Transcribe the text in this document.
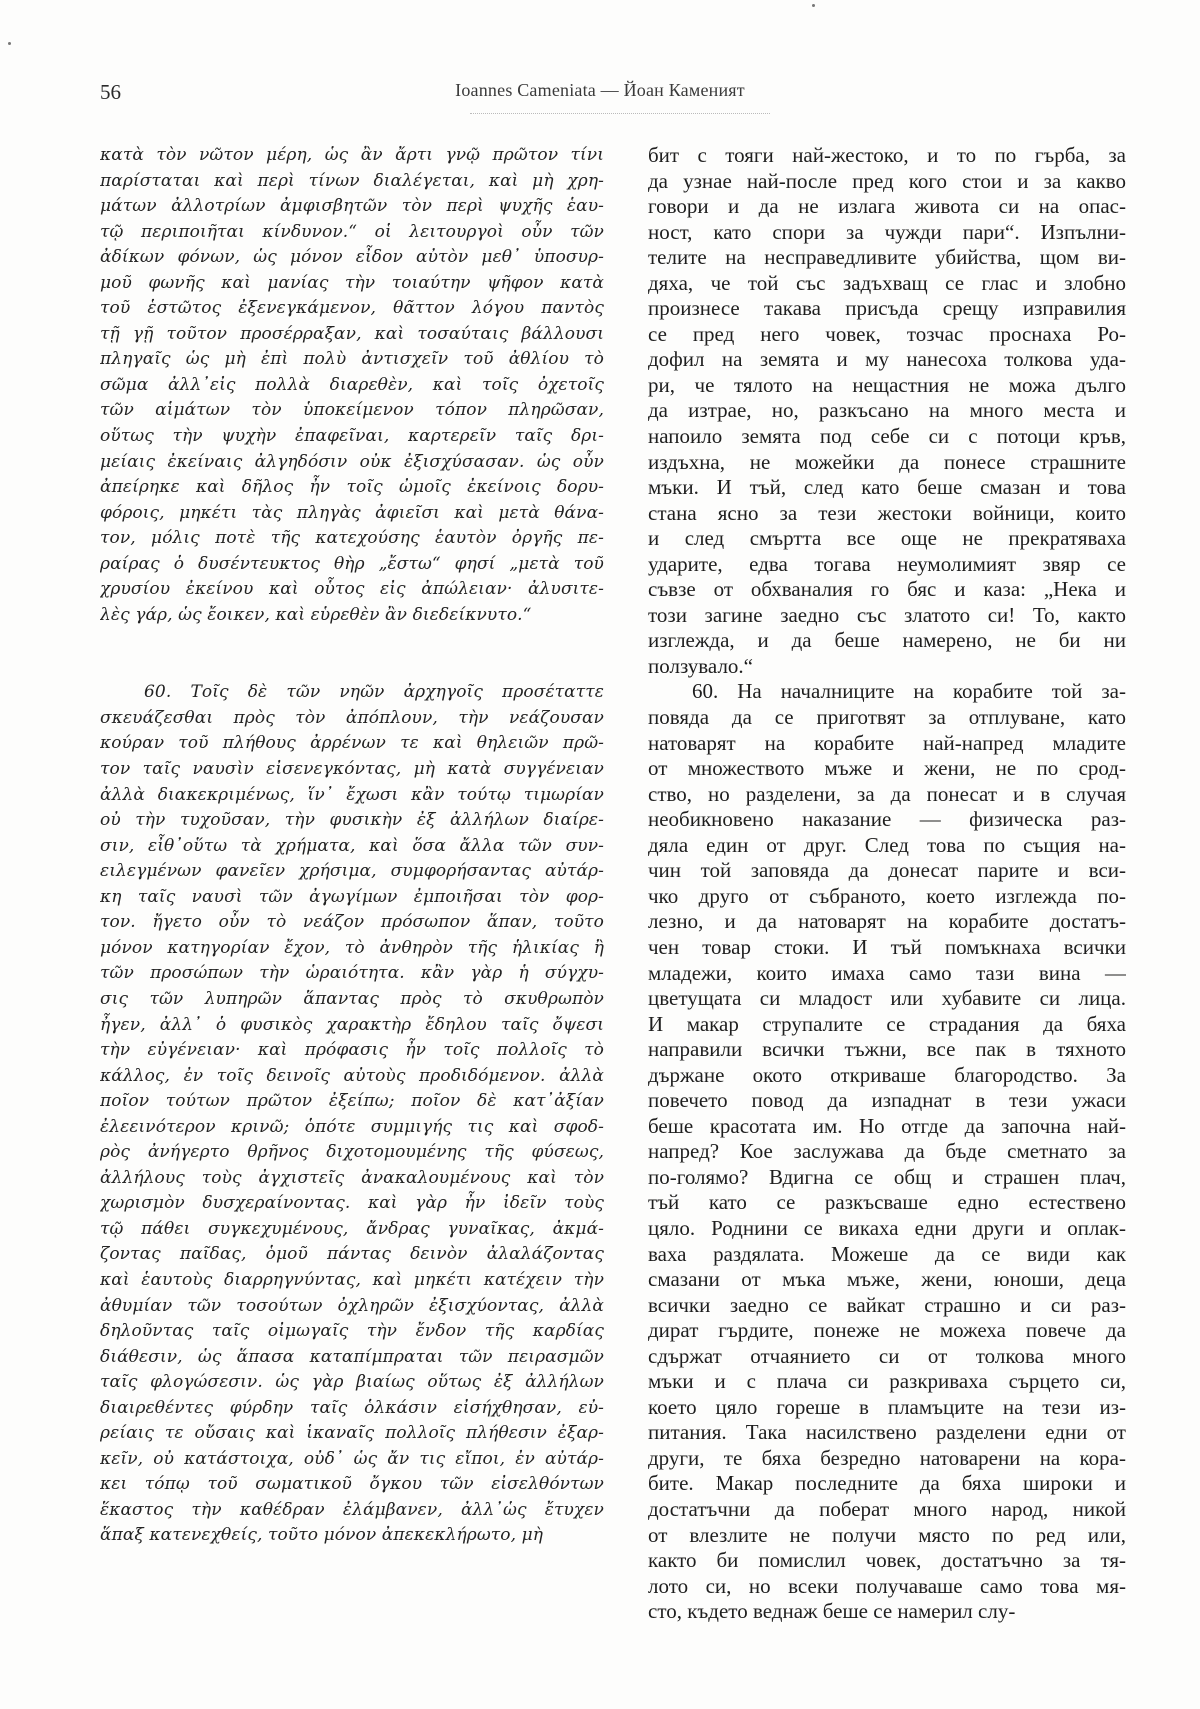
56	Ioannes Cameniata — Йоан Каменият
κατὰ τὸν νῶτον μέρη, ὡς ἂν ἄρτι γνῷ πρῶτον τίνι
παρίσταται καὶ περὶ τίνων διαλέγεται, καὶ μὴ χρη-
μάτων ἀλλοτρίων ἀμφισβητῶν τὸν περὶ ψυχῆς ἑαυ-
τῷ περιποιῆται κίνδυνον.“ οἱ λειτουργοὶ οὖν τῶν
ἀδίκων φόνων, ὡς μόνον εἶδον αὐτὸν μεθ᾽ ὑποσυρ-
μοῦ φωνῆς καὶ μανίας τὴν τοιαύτην ψῆφον κατὰ
τοῦ ἑστῶτος ἐξενεγκάμενον, θᾶττον λόγου παντὸς
τῇ γῇ τοῦτον προσέρραξαν, καὶ τοσαύταις βάλλουσι
πληγαῖς ὡς μὴ ἐπὶ πολὺ ἀντισχεῖν τοῦ ἀθλίου τὸ
σῶμα ἀλλ᾽εἰς πολλὰ διαρεθὲν, καὶ τοῖς ὀχετοῖς
τῶν αἱμάτων τὸν ὑποκείμενον τόπον πληρῶσαν,
οὕτως τὴν ψυχὴν ἐπαφεῖναι, καρτερεῖν ταῖς δρι-
μείαις ἐκείναις ἀλγηδόσιν οὐκ ἐξισχύσασαν. ὡς οὖν
ἀπείρηκε καὶ δῆλος ἦν τοῖς ὠμοῖς ἐκείνοις δορυ-
φόροις, μηκέτι τὰς πληγὰς ἀφιεῖσι καὶ μετὰ θάνα-
τον, μόλις ποτὲ τῆς κατεχούσης ἑαυτὸν ὀργῆς πε-
ραίρας ὁ δυσέντευκτος θὴρ „ἔστω“ φησί „μετὰ τοῦ
χρυσίου ἐκείνου καὶ οὗτος εἰς ἀπώλειαν· ἀλυσιτε-
λὲς γάρ, ὡς ἔοικεν, καὶ εὑρεθὲν ἂν διεδείκνυτο.“
60. Τοῖς δὲ τῶν νηῶν ἀρχηγοῖς προσέταττε
σκευάζεσθαι πρὸς τὸν ἀπόπλουν, τὴν νεάζουσαν
κούραν τοῦ πλήθους ἀρρένων τε καὶ θηλειῶν πρῶ-
τον ταῖς ναυσὶν εἰσενεγκόντας, μὴ κατὰ συγγένειαν
ἀλλὰ διακεκριμένως, ἵν᾽ ἔχωσι κἂν τούτῳ τιμωρίαν
οὐ τὴν τυχοῦσαν, τὴν φυσικὴν ἐξ ἀλλήλων διαίρε-
σιν, εἶθ᾽οὕτω τὰ χρήματα, καὶ ὅσα ἄλλα τῶν συν-
ειλεγμένων φανεῖεν χρήσιμα, συμφορήσαντας αὐτάρ-
κη ταῖς ναυσὶ τῶν ἀγωγίμων ἐμποιῆσαι τὸν φορ-
τον. ἤγετο οὖν τὸ νεάζον πρόσωπον ἅπαν, τοῦτο
μόνον κατηγορίαν ἔχον, τὸ ἀνθηρὸν τῆς ἡλικίας ἢ
τῶν προσώπων τὴν ὡραιότητα. κἂν γὰρ ἡ σύγχυ-
σις τῶν λυπηρῶν ἅπαντας πρὸς τὸ σκυθρωπὸν
ἦγεν, ἀλλ᾽ ὁ φυσικὸς χαρακτὴρ ἔδηλου ταῖς ὄψεσι
τὴν εὐγένειαν· καὶ πρόφασις ἦν τοῖς πολλοῖς τὸ
κάλλος, ἐν τοῖς δεινοῖς αὐτοὺς προδιδόμενον. ἀλλὰ
ποῖον τούτων πρῶτον ἐξείπω; ποῖον δὲ κατ᾽ἀξίαν
ἐλεεινότερον κρινῶ; ὁπότε συμμιγής τις καὶ σφοδ-
ρὸς ἀνήγερτο θρῆνος διχοτομουμένης τῆς φύσεως,
ἀλλήλους τοὺς ἀγχιστεῖς ἀνακαλουμένους καὶ τὸν
χωρισμὸν δυσχεραίνοντας. καὶ γὰρ ἦν ἰδεῖν τοὺς
τῷ πάθει συγκεχυμένους, ἄνδρας γυναῖκας, ἀκμά-
ζοντας παῖδας, ὁμοῦ πάντας δεινὸν ἀλαλάζοντας
καὶ ἑαυτοὺς διαρρηγνύντας, καὶ μηκέτι κατέχειν τὴν
ἀθυμίαν τῶν τοσούτων ὀχληρῶν ἐξισχύοντας, ἀλλὰ
δηλοῦντας ταῖς οἰμωγαῖς τὴν ἔνδον τῆς καρδίας
διάθεσιν, ὡς ἅπασα καταπίμπραται τῶν πειρασμῶν
ταῖς φλογώσεσιν. ὡς γὰρ βιαίως οὕτως ἐξ ἀλλήλων
διαιρεθέντες φύρδην ταῖς ὁλκάσιν εἰσήχθησαν, εὐ-
ρείαις τε οὔσαις καὶ ἱκαναῖς πολλοῖς πλήθεσιν ἐξαρ-
κεῖν, οὐ κατάστοιχα, οὐδ᾽ ὡς ἄν τις εἴποι, ἐν αὐτάρ-
κει τόπῳ τοῦ σωματικοῦ ὄγκου τῶν εἰσελθόντων
ἕκαστος τὴν καθέδραν ἐλάμβανεν, ἀλλ᾽ὡς ἔτυχεν
ἅπαξ κατενεχθείς, τοῦτο μόνον ἀπεκεκλήρωτο, μὴ
бит с тояги най-жестоко, и то по гърба, за
да узнае най-после пред кого стои и за какво
говори и да не излага живота си на опас-
ност, като спори за чужди пари“. Изпълни-
телите на несправедливите убийства, щом ви-
дяха, че той със задъхващ се глас и злобно
произнесе такава присъда срещу изправилия
се пред него човек, тозчас проснаха Ро-
дофил на земята и му нанесоха толкова уда-
ри, че тялото на нещастния не можа дълго
да изтрае, но, разкъсано на много места и
напоило земята под себе си с потоци кръв,
издъхна, не можейки да понесе страшните
мъки. И тъй, след като беше смазан и това
стана ясно за тези жестоки войници, които
и след смъртта все още не прекратяваха
ударите, едва тогава неумолимият звяр се
съвзе от обхваналия го бяс и каза: „Нека и
този загине заедно със златото си! То, както
изглежда, и да беше намерено, не би ни
ползувало.“
60. На началниците на корабите той за-
повяда да се приготвят за отплуване, като
натоварят на корабите най-напред младите
от множеството мъже и жени, не по срод-
ство, но разделени, за да понесат и в случая
необикновено наказание — физическа раз-
дяла един от друг. След това по същия на-
чин той заповяда да донесат парите и вси-
чко друго от събраното, което изглежда по-
лезно, и да натоварят на корабите достатъ-
чен товар стоки. И тъй помъкнаха всички
младежи, които имаха само тази вина —
цветущата си младост или хубавите си лица.
И макар струпалите се страдания да бяха
направили всички тъжни, все пак в тяхното
държане окото откриваше благородство. За
повечето повод да изпаднат в тези ужаси
беше красотата им. Но отгде да започна най-
напред? Кое заслужава да бъде сметнато за
по-голямо? Вдигна се общ и страшен плач,
тъй като се разкъсваше едно естествено
цяло. Роднини се викаха едни други и оплак-
ваха раздялата. Можеше да се види как
смазани от мъка мъже, жени, юноши, деца
всички заедно се вайкат страшно и си раз-
дират гърдите, понеже не можеха повече да
сдържат отчаянието си от толкова много
мъки и с плача си разкриваха сърцето си,
което цяло гореше в пламъците на тези из-
питания. Така насилствено разделени едни от
други, те бяха безредно натоварени на кора-
бите. Макар последните да бяха широки и
достатъчни да поберат много народ, никой
от влезлите не получи място по ред или,
както би помислил човек, достатъчно за тя-
лото си, но всеки получаваше само това мя-
сто, където веднаж беше се намерил слу-
